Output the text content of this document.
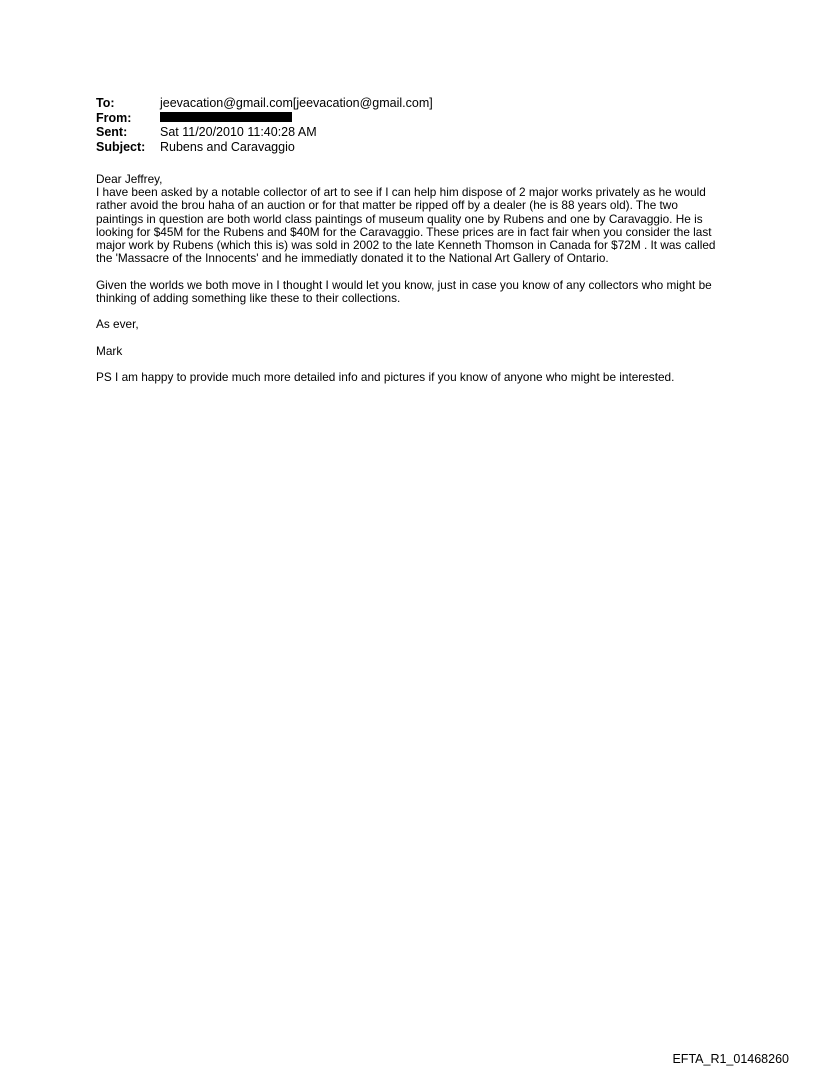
To:	jeevacation@gmail.com[jeevacation@gmail.com]
From:
Sent:	Sat 11/20/2010 11:40:28 AM
Subject:	Rubens and Caravaggio
Dear Jeffrey,

I have been asked by a notable collector of art to see if I can help him dispose of 2 major works privately as he would rather avoid the brou haha of an auction or for that matter be ripped off by a dealer (he is 88 years old). The two paintings in question are both world class paintings of museum quality one by Rubens and one by Caravaggio. He is looking for $45M for the Rubens and $40M for the Caravaggio. These prices are in fact fair when you consider the last major work by Rubens (which this is) was sold in 2002 to the late Kenneth Thomson in Canada for $72M . It was called the 'Massacre of the Innocents' and he immediatly donated it to the National Art Gallery of Ontario.

Given the worlds we both move in I thought I would let you know, just in case you know of any collectors who might be thinking of adding something like these to their collections.

As ever,

Mark

PS I am happy to provide much more detailed info and pictures if you know of anyone who might be interested.

EFTA_R1_01468260
